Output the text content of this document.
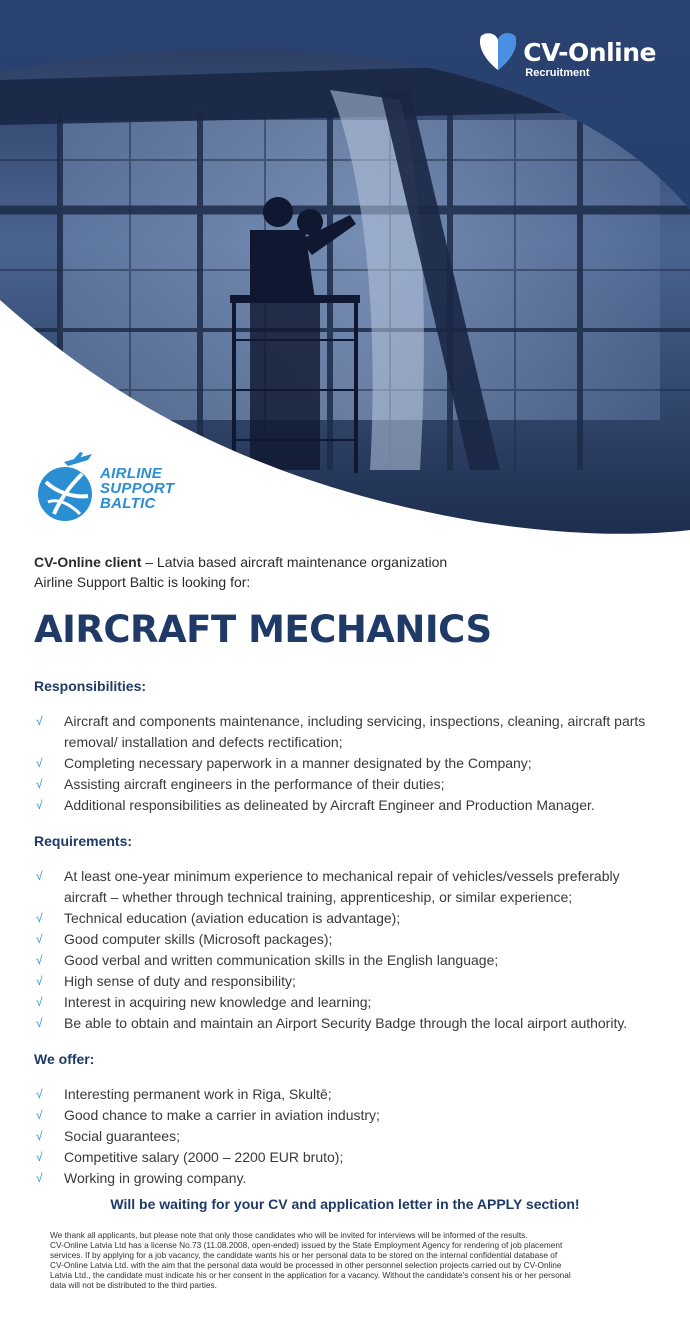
CV-Online
Recruitment
AIRLINE
SUPPORT
BALTIC

CV-Online client – Latvia based aircraft maintenance organization
Airline Support Baltic is looking for:

AIRCRAFT MECHANICS
Responsibilities:
√ Aircraft and components maintenance, including servicing, inspections, cleaning, aircraft parts removal/ installation and defects rectification;
√ Completing necessary paperwork in a manner designated by the Company;
√ Assisting aircraft engineers in the performance of their duties;
√ Additional responsibilities as delineated by Aircraft Engineer and Production Manager.
Requirements:
√ At least one-year minimum experience to mechanical repair of vehicles/vessels preferably aircraft – whether through technical training, apprenticeship, or similar experience;
√ Technical education (aviation education is advantage);
√ Good computer skills (Microsoft packages);
√ Good verbal and written communication skills in the English language;
√ High sense of duty and responsibility;
√ Interest in acquiring new knowledge and learning;
√ Be able to obtain and maintain an Airport Security Badge through the local airport authority.
We offer:
√ Interesting permanent work in Riga, Skultē;
√ Good chance to make a carrier in aviation industry;
√ Social guarantees;
√ Competitive salary (2000 – 2200 EUR bruto);
√ Working in growing company.
Will be waiting for your CV and application letter in the APPLY section!
We thank all applicants, but please note that only those candidates who will be invited for interviews will be informed of the results.
CV-Online Latvia Ltd has a license No.73 (11.08.2008, open-ended) issued by the State Employment Agency for rendering of job placement
services. If by applying for a job vacancy, the candidate wants his or her personal data to be stored on the internal confidential database of
CV-Online Latvia Ltd. with the aim that the personal data would be processed in other personnel selection projects carried out by CV-Online
Latvia Ltd., the candidate must indicate his or her consent in the application for a vacancy. Without the candidate's consent his or her personal
data will not be distributed to the third parties.
